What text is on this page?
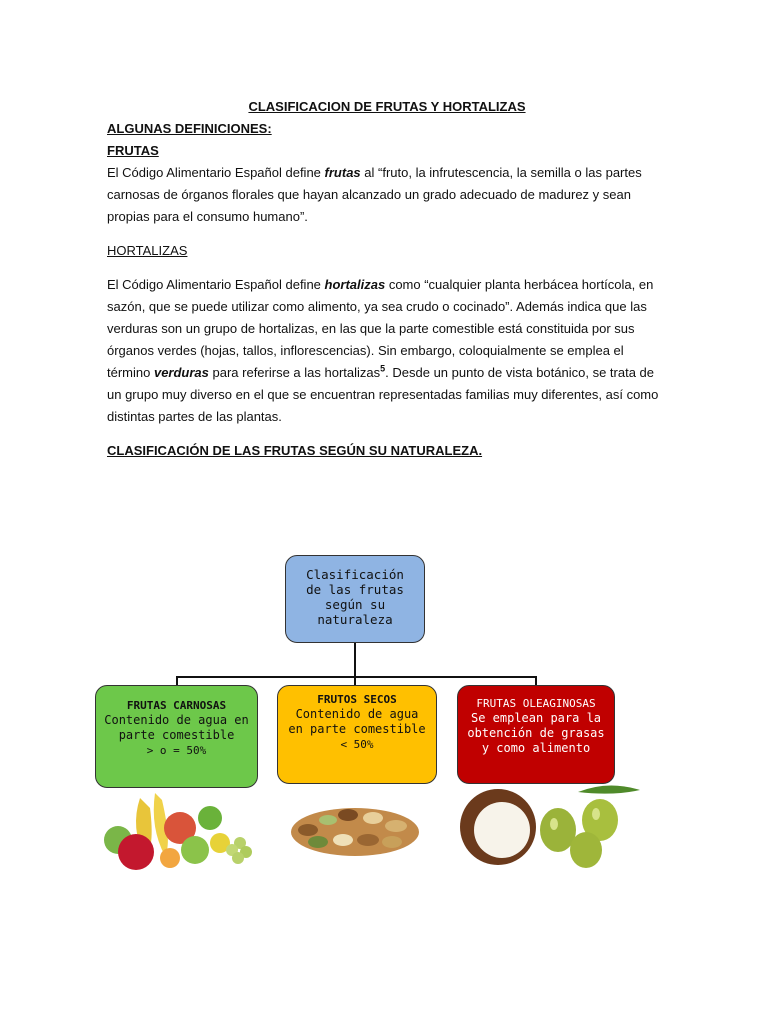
CLASIFICACION DE FRUTAS Y HORTALIZAS

ALGUNAS DEFINICIONES:

FRUTAS

El Código Alimentario Español define frutas al “fruto, la infrutescencia, la semilla o las partes carnosas de órganos florales que hayan alcanzado un grado adecuado de madurez y sean propias para el consumo humano”.

HORTALIZAS

El Código Alimentario Español define hortalizas como “cualquier planta herbácea hortícola, en sazón, que se puede utilizar como alimento, ya sea crudo o cocinado”. Además indica que las verduras son un grupo de hortalizas, en las que la parte comestible está constituida por sus órganos verdes (hojas, tallos, inflorescencias). Sin embargo, coloquialmente se emplea el término verduras para referirse a las hortalizas$^5$. Desde un punto de vista botánico, se trata de un grupo muy diverso en el que se encuentran representadas familias muy diferentes, así como distintas partes de las plantas.

CLASIFICACIÓN DE LAS FRUTAS SEGÚN SU NATURALEZA.

Clasificación de las frutas según su naturaleza
FRUTAS CARNOSAS
Contenido de agua en parte comestible
> o = 50%
FRUTOS SECOS
Contenido de agua en parte comestible
< 50%
FRUTAS OLEAGINOSAS
Se emplean para la obtención de grasas y como alimento
